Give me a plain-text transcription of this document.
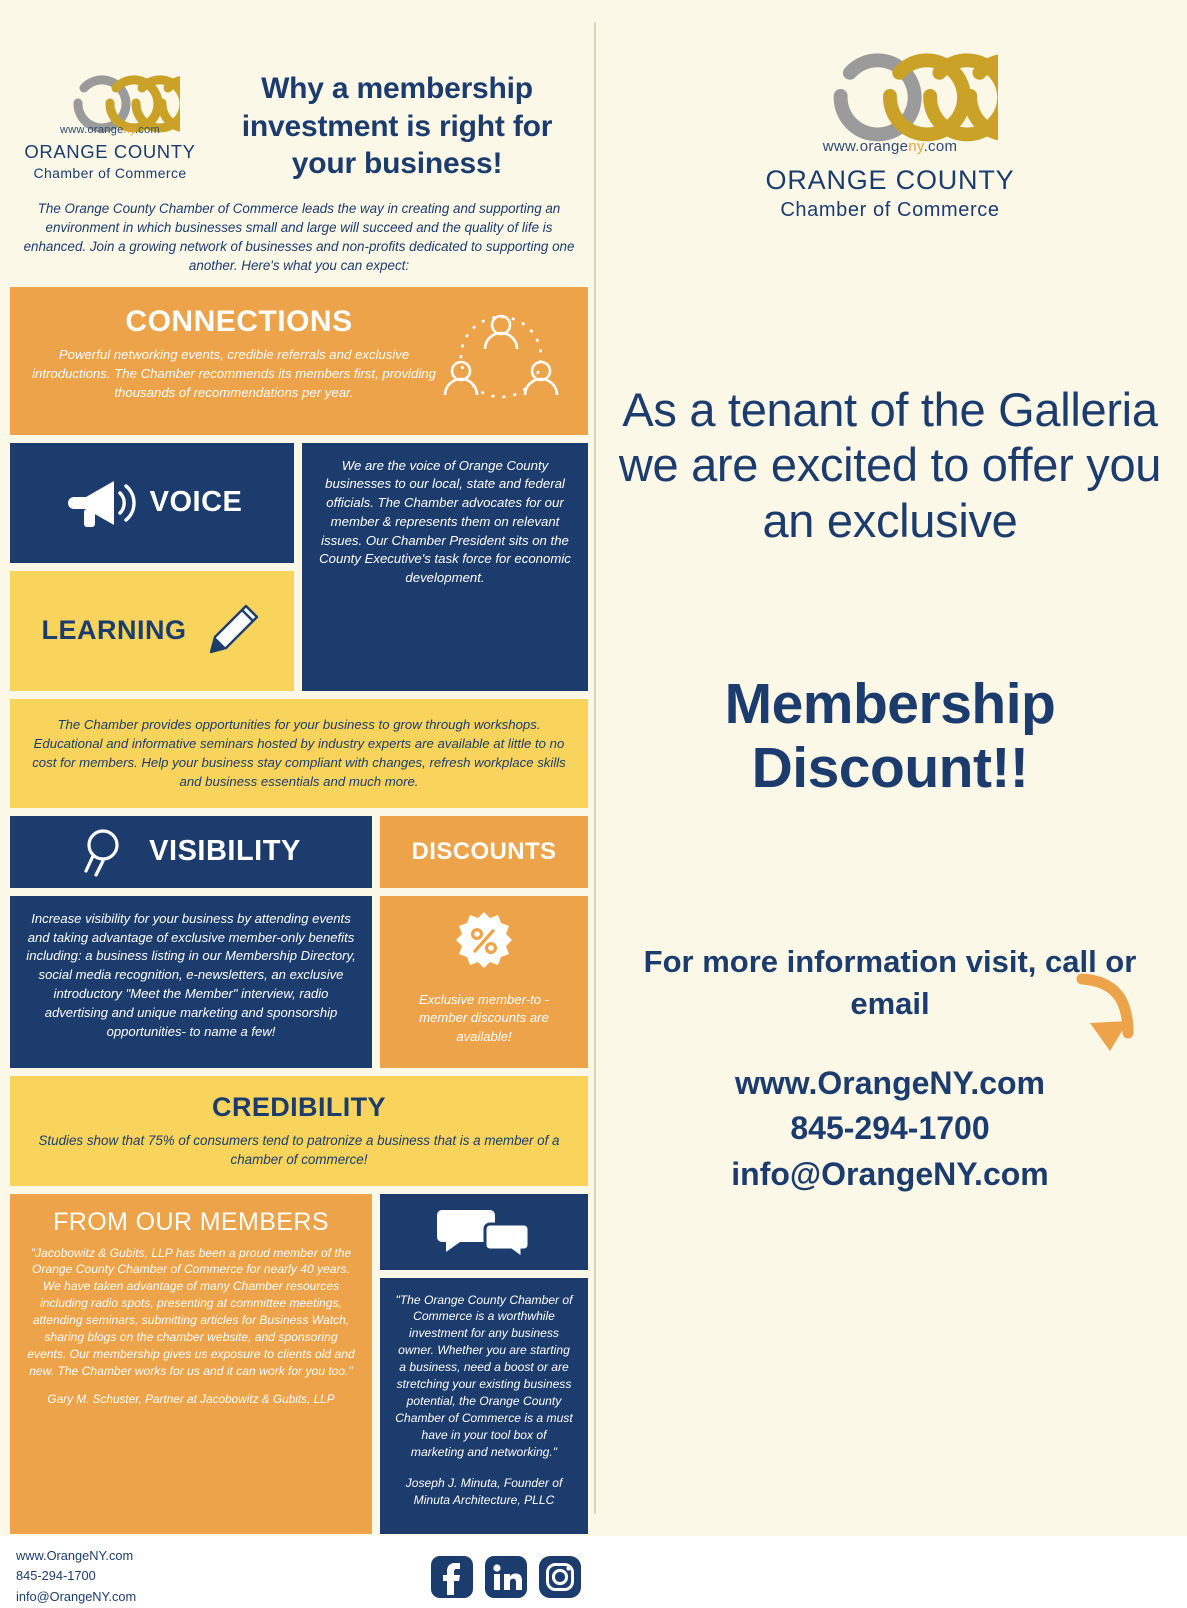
www.orangeny.com
ORANGE COUNTY
Chamber of Commerce
Why a membership investment is right for your business!
The Orange County Chamber of Commerce leads the way in creating and supporting an environment in which businesses small and large will succeed and the quality of life is enhanced. Join a growing network of businesses and non-profits dedicated to supporting one another. Here's what you can expect:
CONNECTIONS

Powerful networking events, credible referrals and exclusive introductions. The Chamber recommends its members first, providing thousands of recommendations per year.

VOICE
LEARNING
We are the voice of Orange County businesses to our local, state and federal officials. The Chamber advocates for our member & represents them on relevant issues. Our Chamber President sits on the County Executive's task force for economic development.
The Chamber provides opportunities for your business to grow through workshops. Educational and informative seminars hosted by industry experts are available at little to no cost for members. Help your business stay compliant with changes, refresh workplace skills and business essentials and much more.
VISIBILITY
Increase visibility for your business by attending events and taking advantage of exclusive member-only benefits including: a business listing in our Membership Directory, social media recognition, e-newsletters, an exclusive introductory "Meet the Member" interview, radio advertising and unique marketing and sponsorship opportunities- to name a few!
DISCOUNTS

Exclusive member-to -member discounts are available!

CREDIBILITY

Studies show that 75% of consumers tend to patronize a business that is a member of a chamber of commerce!

FROM OUR MEMBERS

"Jacobowitz & Gubits, LLP has been a proud member of the Orange County Chamber of Commerce for nearly 40 years. We have taken advantage of many Chamber resources including radio spots, presenting at committee meetings, attending seminars, submitting articles for Business Watch, sharing blogs on the chamber website, and sponsoring events. Our membership gives us exposure to clients old and new. The Chamber works for us and it can work for you too."

Gary M. Schuster, Partner at Jacobowitz & Gubits, LLP

"The Orange County Chamber of Commerce is a worthwhile investment for any business owner. Whether you are starting a business, need a boost or are stretching your existing business potential, the Orange County Chamber of Commerce is a must have in your tool box of marketing and networking."

Joseph J. Minuta, Founder of Minuta Architecture, PLLC

www.OrangeNY.com
845-294-1700
info@OrangeNY.com
www.orangeny.com
ORANGE COUNTY
Chamber of Commerce
As a tenant of the Galleria we are excited to offer you an exclusive
Membership Discount!!
For more information visit, call or email
www.OrangeNY.com
845-294-1700
info@OrangeNY.com
